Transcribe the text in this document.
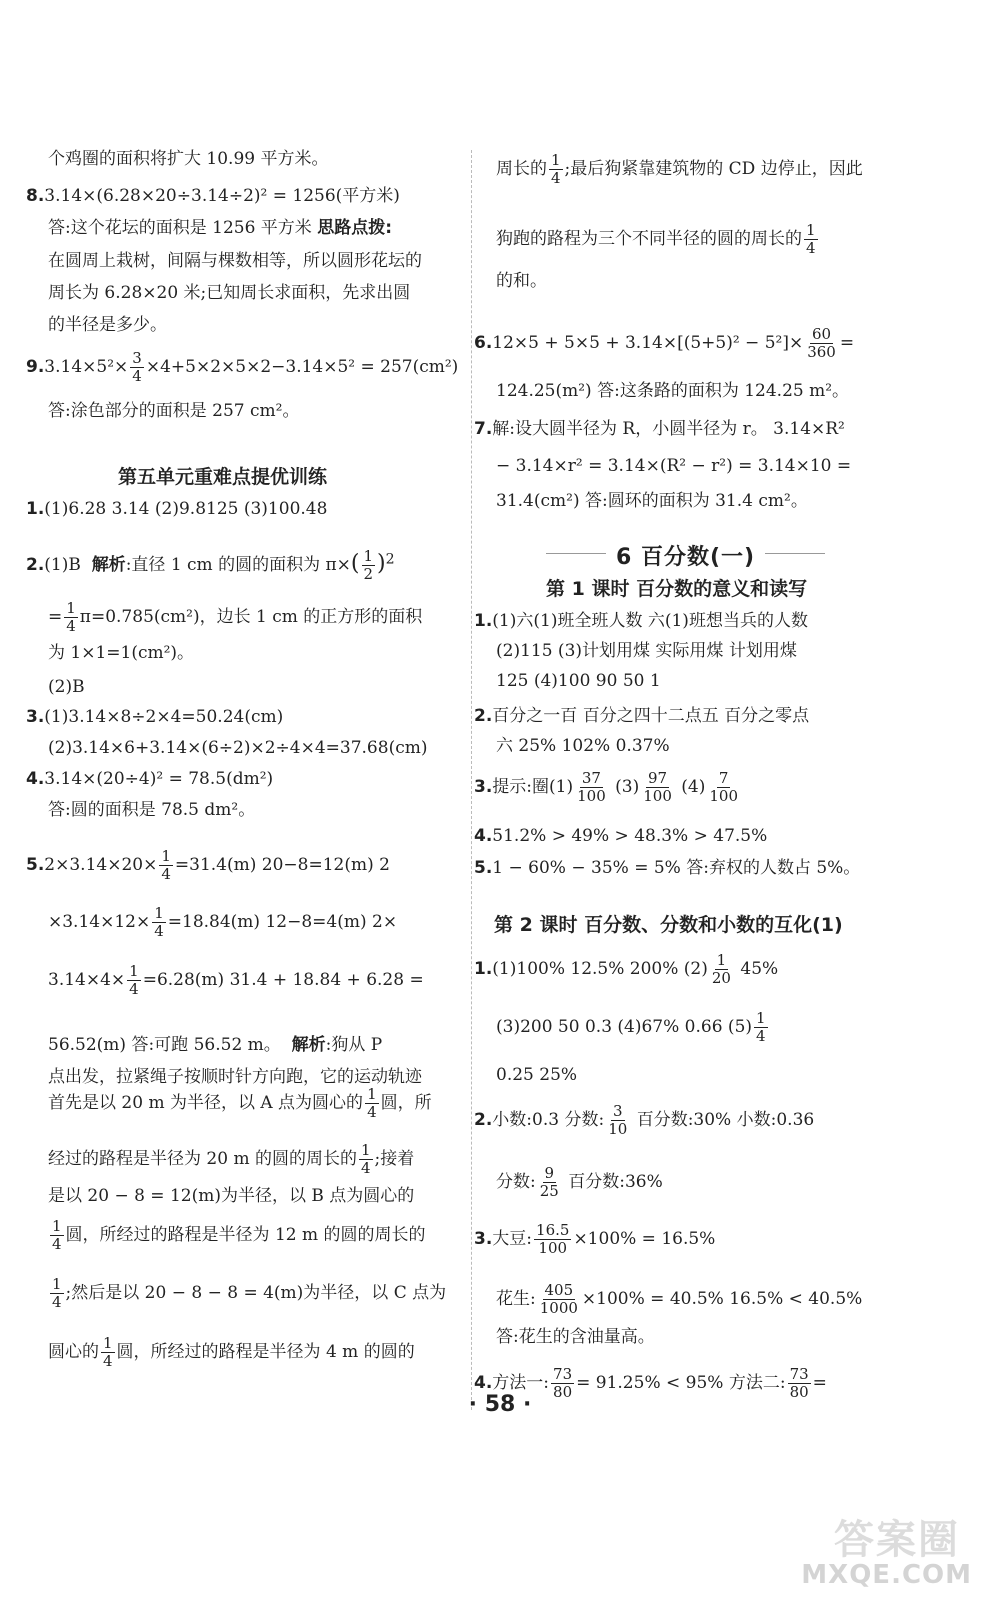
个鸡圈的面积将扩大 10.99 平方米。
8.3.14×(6.28×20÷3.14÷2)² = 1256(平方米)
答:这个花坛的面积是 1256 平方米 思路点拨:
在圆周上栽树，间隔与棵数相等，所以圆形花坛的
周长为 6.28×20 米;已知周长求面积，先求出圆
的半径是多少。
$9.3.14\times 5^2\times \frac{3}{4} \times 4+5\times 2\times 5\times 2-3.14\times 5^2 = 257(cm^2)$
答:涂色部分的面积是 257 cm²。
第五单元重难点提优训练
1.(1)6.28 3.14 (2)9.8125 (3)100.48
2.(1)B 解析:直径 1 cm 的圆的面积为 $\pi\times( \frac{1}{2} )^2$
= $\frac{1}{4} \pi=0.785(cm^2)$，边长 1 cm 的正方形的面积
为 1×1=1(cm²)。
(2)B
3.(1)3.14×8÷2×4=50.24(cm)
(2)3.14×6+3.14×(6÷2)×2÷4×4=37.68(cm)
4.3.14×(20÷4)² = 78.5(dm²)
答:圆的面积是 78.5 dm²。
$5.2\times 3.14\times 20\times \frac{1}{4} =31.4(m)$ 20−8=12(m) 2
$\times 3.14\times 12\times \frac{1}{4} =18.84(m)$ 12−8=4(m) 2×
$3.14\times 4\times \frac{1}{4} =6.28(m) 31.4 + 18.84 + 6.28$ =
56.52(m) 答:可跑 56.52 m。 解析:狗从 P
点出发，拉紧绳子按顺时针方向跑，它的运动轨迹
首先是以 20 m 为半径，以 A 点为圆心的 $\frac{1}{4}$ 圆，所
经过的路程是半径为 20 m 的圆的周长的 $\frac{1}{4}$ ;接着
是以 20 − 8 = 12(m)为半径，以 B 点为圆心的
$\frac{1}{4}$ 圆，所经过的路程是半径为 12 m 的圆的周长的
$\frac{1}{4}$ ;然后是以 20 − 8 − 8 = 4(m)为半径，以 C 点为
圆心的 $\frac{1}{4}$ 圆，所经过的路程是半径为 4 m 的圆的
周长的 $\frac{1}{4}$ ;最后狗紧靠建筑物的 CD 边停止，因此
狗跑的路程为三个不同半径的圆的周长的 $\frac{1}{4}$
的和。
$6.12\times 5 + 5\times 5 + 3.14\times[(5+5)^2 - 5^2]\times \frac{60}{360}$ =
124.25(m²) 答:这条路的面积为 124.25 m²。
7.解:设大圆半径为 R，小圆半径为 r。 3.14×R²
− 3.14×r² = 3.14×(R² − r²) = 3.14×10 =
31.4(cm²) 答:圆环的面积为 31.4 cm²。
6 百分数(一)
第 1 课时 百分数的意义和读写
1.(1)六(1)班全班人数 六(1)班想当兵的人数
(2)115 (3)计划用煤 实际用煤 计划用煤
125 (4)100 90 50 1
2.百分之一百 百分之四十二点五 百分之零点
六 25% 102% 0.37%
3.提示:圈$(1) \frac{37}{100} (3) \frac{97}{100} (4) \frac{7}{100}$
4.51.2% > 49% > 48.3% > 47.5%
5.1 − 60% − 35% = 5% 答:弃权的人数占 5%。
第 2 课时 百分数、分数和小数的互化(1)
1.(1)100% 12.5% 200% $(2) \frac{1}{20} 45\%$
(3)200 50 0.3 (4)67% 0.66 $(5) \frac{1}{4}$
0.25 25%
2.小数:0.3 分数: $\frac{3}{10}$ 百分数:30% 小数:0.36
分数: $\frac{9}{25}$ 百分数:36%
3.大豆: $\frac{16.5}{100} \times 100\% = 16.5\%$
花生: $\frac{405}{1000} \times 100\% = 40.5\%$ 16.5% < 40.5%
答:花生的含油量高。
4.方法一: $\frac{73}{80} = 91.25\% < 95\%$ 方法二: $\frac{73}{80}$ =
· 58 ·
答案圈
MXQE.COM
